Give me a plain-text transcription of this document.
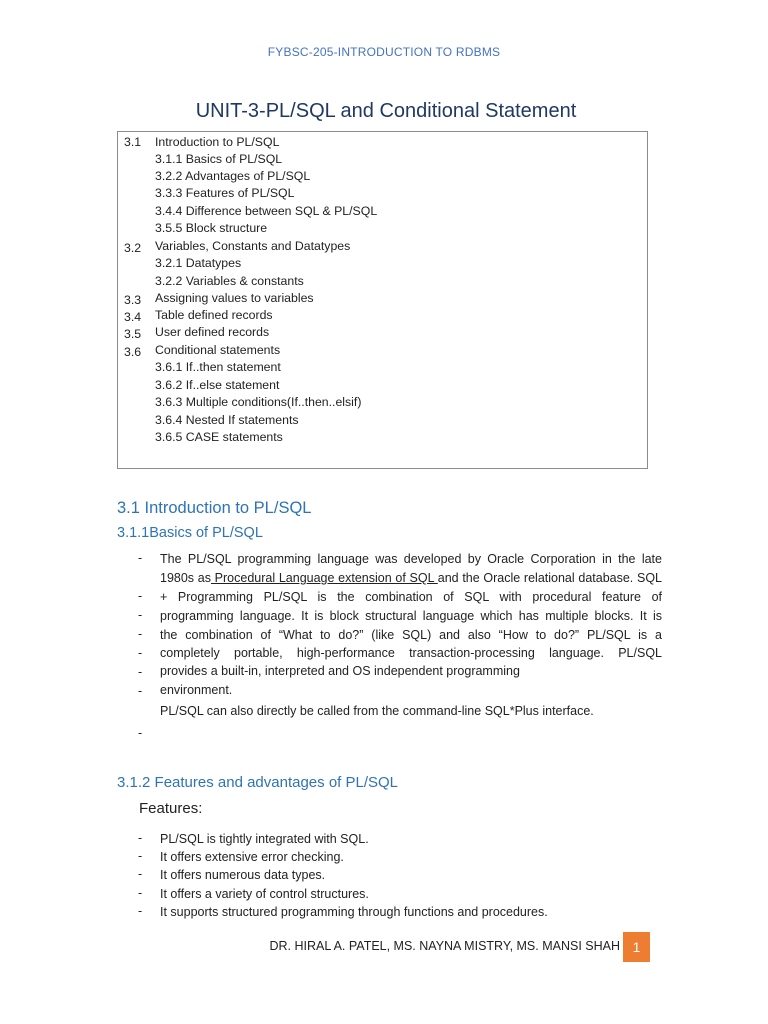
FYBSC-205-INTRODUCTION TO RDBMS
UNIT-3-PL/SQL and Conditional Statement
3.1 Introduction to PL/SQL
3.1.1 Basics of PL/SQL
3.2.2 Advantages of PL/SQL
3.3.3 Features of PL/SQL
3.4.4 Difference between SQL & PL/SQL
3.5.5 Block structure
3.2 Variables, Constants and Datatypes
3.2.1 Datatypes
3.2.2 Variables & constants
3.3 Assigning values to variables
3.4 Table defined records
3.5 User defined records
3.6 Conditional statements
3.6.1 If..then statement
3.6.2 If..else statement
3.6.3 Multiple conditions(If..then..elsif)
3.6.4 Nested If statements
3.6.5 CASE statements
3.1 Introduction to PL/SQL
3.1.1Basics of PL/SQL
-
-
-
-
-
-
-
-
The PL/SQL programming language was developed by Oracle Corporation in the late
1980s as Procedural Language extension of SQL and the Oracle relational database. SQL
+ Programming PL/SQL is the combination of SQL with procedural feature of
programming language. It is block structural language which has multiple blocks. It is
the combination of “What to do?” (like SQL) and also “How to do?” PL/SQL is a
completely portable, high-performance transaction-processing language. PL/SQL
provides a built-in, interpreted and OS independent programming
environment.
PL/SQL can also directly be called from the command-line SQL*Plus interface.
3.1.2 Features and advantages of PL/SQL
Features:
-
-
-
-
-
PL/SQL is tightly integrated with SQL.
It offers extensive error checking.
It offers numerous data types.
It offers a variety of control structures.
It supports structured programming through functions and procedures.
DR. HIRAL A. PATEL, MS. NAYNA MISTRY, MS. MANSI SHAH 1
